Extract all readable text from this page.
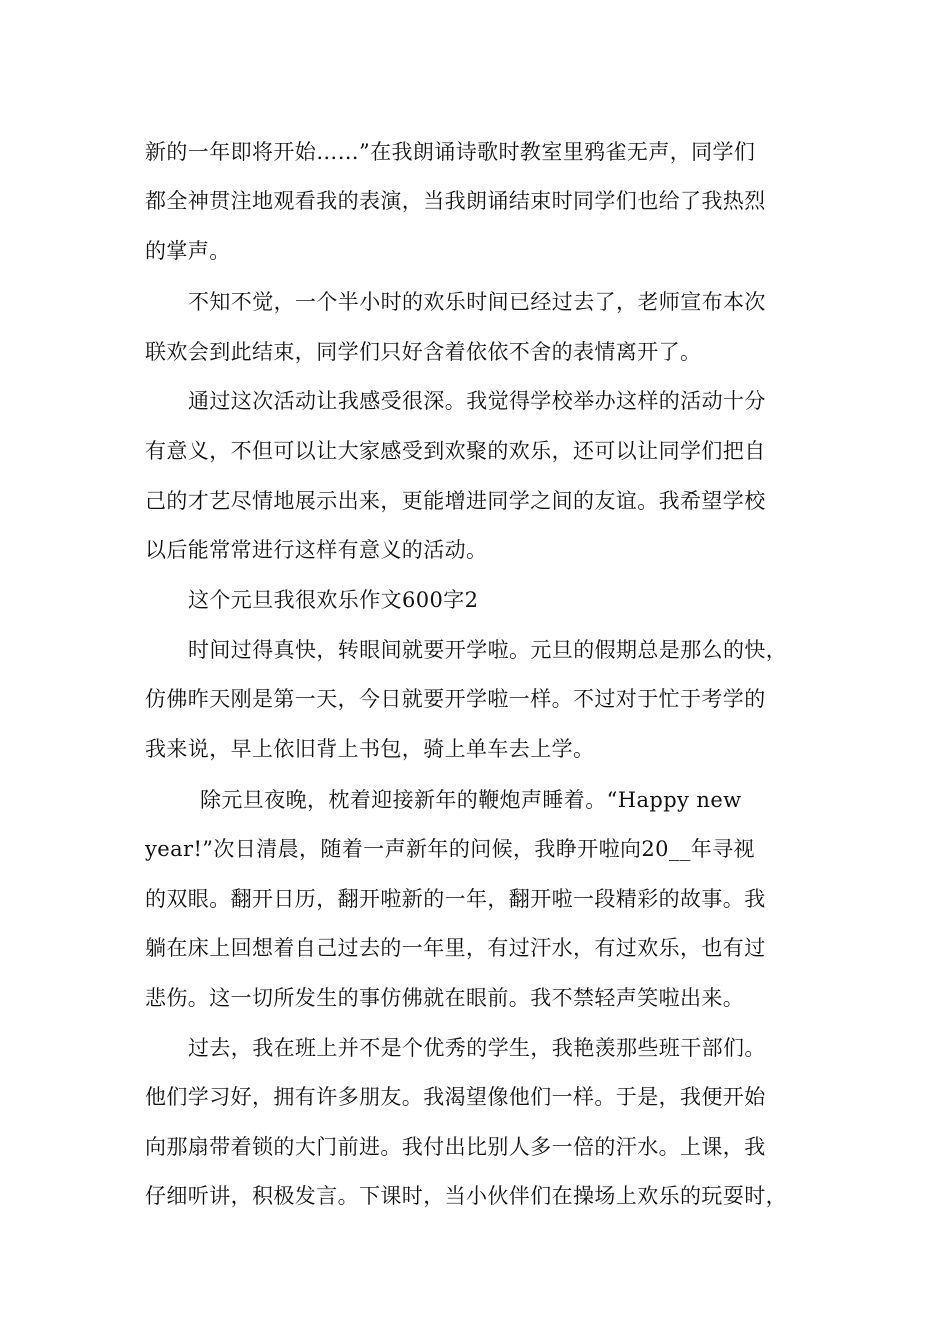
新的一年即将开始……”在我朗诵诗歌时教室里鸦雀无声，同学们

都全神贯注地观看我的表演，当我朗诵结束时同学们也给了我热烈

的掌声。

不知不觉，一个半小时的欢乐时间已经过去了，老师宣布本次

联欢会到此结束，同学们只好含着依依不舍的表情离开了。

通过这次活动让我感受很深。我觉得学校举办这样的活动十分

有意义，不但可以让大家感受到欢聚的欢乐，还可以让同学们把自

己的才艺尽情地展示出来，更能增进同学之间的友谊。我希望学校

以后能常常进行这样有意义的活动。

这个元旦我很欢乐作文600字2

时间过得真快，转眼间就要开学啦。元旦的假期总是那么的快，

仿佛昨天刚是第一天，今日就要开学啦一样。不过对于忙于考学的

我来说，早上依旧背上书包，骑上单车去上学。

除元旦夜晚，枕着迎接新年的鞭炮声睡着。“Happy new

year!”次日清晨，随着一声新年的问候，我睁开啦向20__年寻视

的双眼。翻开日历，翻开啦新的一年，翻开啦一段精彩的故事。我

躺在床上回想着自己过去的一年里，有过汗水，有过欢乐，也有过

悲伤。这一切所发生的事仿佛就在眼前。我不禁轻声笑啦出来。

过去，我在班上并不是个优秀的学生，我艳羡那些班干部们。

他们学习好，拥有许多朋友。我渴望像他们一样。于是，我便开始

向那扇带着锁的大门前进。我付出比别人多一倍的汗水。上课，我

仔细听讲，积极发言。下课时，当小伙伴们在操场上欢乐的玩耍时，
